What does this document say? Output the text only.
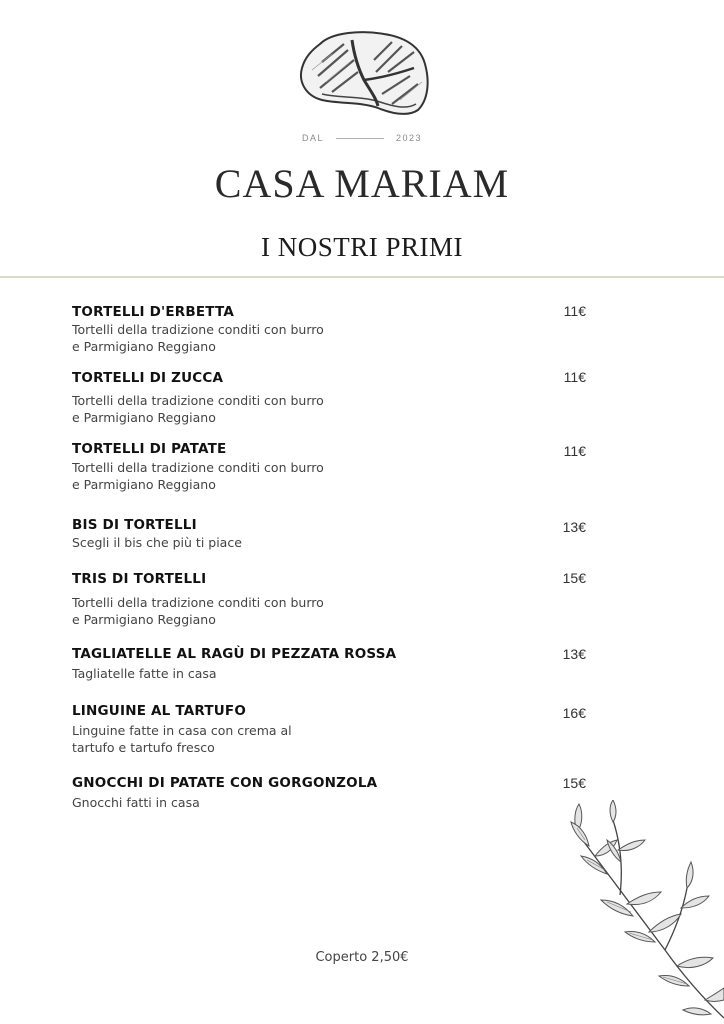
DAL	2023
CASA MARIAM
I NOSTRI PRIMI
TORTELLI D'ERBETTA
Tortelli della tradizione conditi con burro
e Parmigiano Reggiano
11€
TORTELLI DI ZUCCA
Tortelli della tradizione conditi con burro
e Parmigiano Reggiano
11€
TORTELLI DI PATATE
Tortelli della tradizione conditi con burro
e Parmigiano Reggiano
11€
BIS DI TORTELLI
Scegli il bis che più ti piace
13€
TRIS DI TORTELLI
Tortelli della tradizione conditi con burro
e Parmigiano Reggiano
15€
TAGLIATELLE AL RAGÙ DI PEZZATA ROSSA
Tagliatelle fatte in casa
13€
LINGUINE AL TARTUFO
Linguine fatte in casa con crema al
tartufo e tartufo fresco
16€
GNOCCHI DI PATATE CON GORGONZOLA
Gnocchi fatti in casa
15€
Coperto 2,50€
